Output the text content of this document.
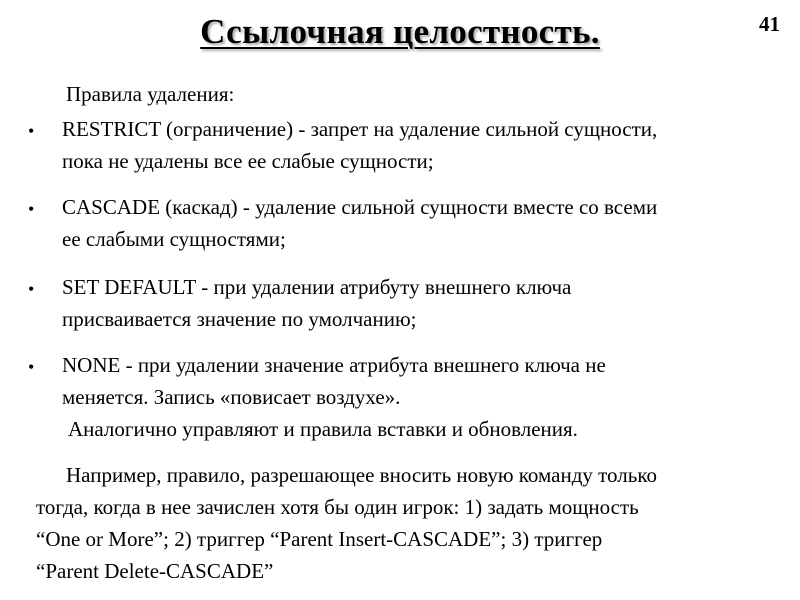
Ссылочная целостность.	41
Правила удаления:
• RESTRICT (ограничение) - запрет на удаление сильной сущности,
пока не удалены все ее слабые сущности;
• CASCADE (каскад) - удаление сильной сущности вместе со всеми
ее слабыми сущностями;
• SET DEFAULT - при удалении атрибуту внешнего ключа
присваивается значение по умолчанию;
• NONE - при удалении значение атрибута внешнего ключа не
меняется. Запись «повисает воздухе».
Аналогично управляют и правила вставки и обновления.
Например, правило, разрешающее вносить новую команду только
тогда, когда в нее зачислен хотя бы один игрок: 1) задать мощность
“One or More”; 2) триггер “Parent Insert-CASCADE”; 3) триггер
“Parent Delete-CASCADE”
